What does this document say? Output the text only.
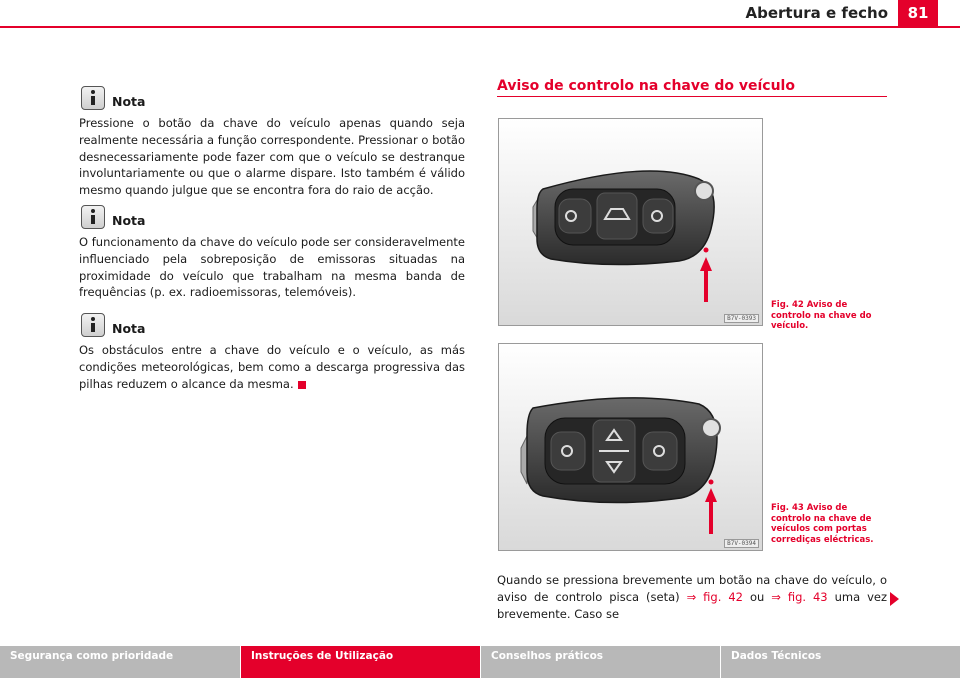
Abertura e fecho	81
Nota

Pressione o botão da chave do veículo apenas quando seja realmente necessária a função correspondente. Pressionar o botão desnecessariamente pode fazer com que o veículo se destranque involuntariamente ou que o alarme dispare. Isto também é válido mesmo quando julgue que se encontra fora do raio de acção.

Nota

O funcionamento da chave do veículo pode ser consideravelmente influenciado pela sobreposição de emissoras situadas na proximidade do veículo que trabalham na mesma banda de frequências (p. ex. radioemissoras, telemóveis).

Nota

Os obstáculos entre a chave do veículo e o veículo, as más condições meteorológicas, bem como a descarga progressiva das pilhas reduzem o alcance da mesma.

Aviso de controlo na chave do veículo
B7V-0393
Fig. 42 Aviso de controlo na chave do veículo.
B7V-0394
Fig. 43 Aviso de controlo na chave de veículos com portas corrediças eléctricas.

Quando se pressiona brevemente um botão na chave do veículo, o aviso de controlo pisca (seta) ⇒ fig. 42 ou ⇒ fig. 43 uma vez brevemente. Caso se

Segurança como prioridade	Instruções de Utilização	Conselhos práticos	Dados Técnicos
